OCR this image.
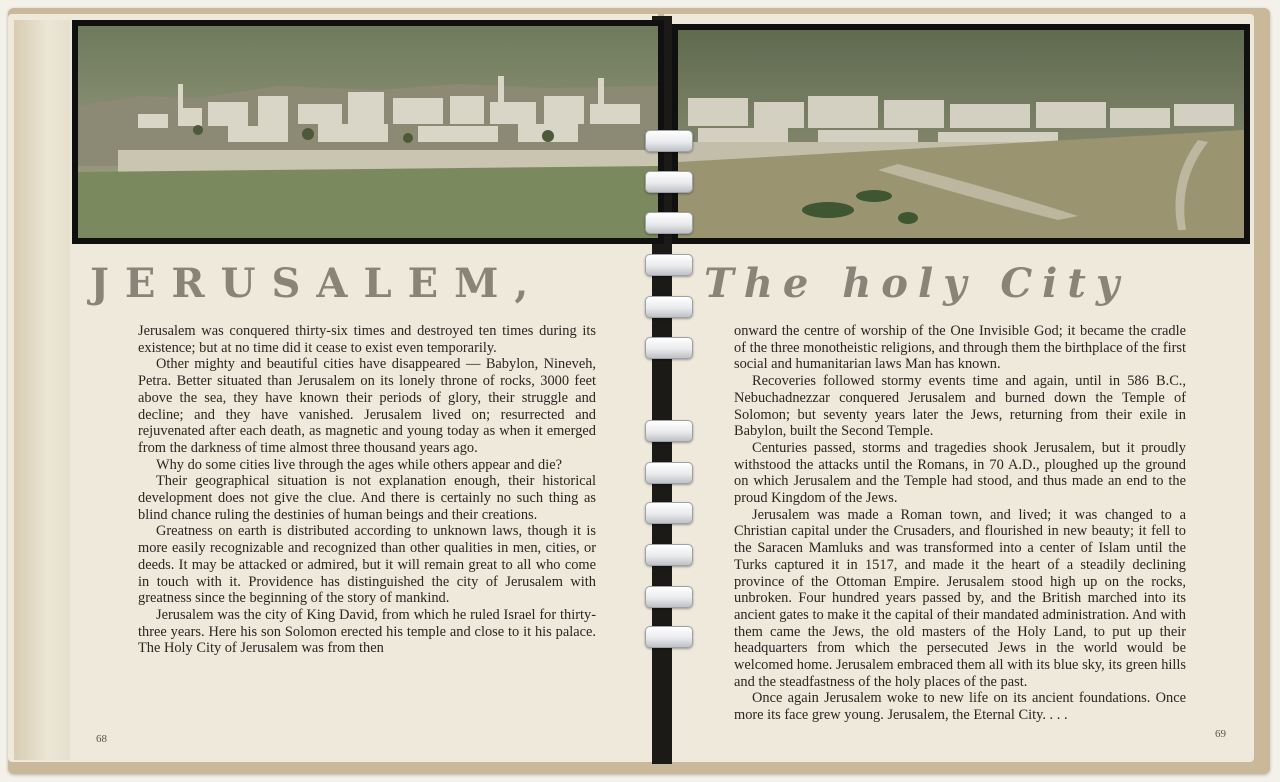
JERUSALEM,	The holy City

Jerusalem was conquered thirty-six times and destroyed ten times during its existence; but at no time did it cease to exist even temporarily.

Other mighty and beautiful cities have disappeared — Babylon, Nineveh, Petra. Better situated than Jerusalem on its lonely throne of rocks, 3000 feet above the sea, they have known their periods of glory, their struggle and decline; and they have vanished. Jerusalem lived on; resurrected and rejuvenated after each death, as magnetic and young today as when it emerged from the darkness of time almost three thousand years ago.

Why do some cities live through the ages while others appear and die?

Their geographical situation is not explanation enough, their historical development does not give the clue. And there is certainly no such thing as blind chance ruling the destinies of human beings and their creations.

Greatness on earth is distributed according to unknown laws, though it is more easily recognizable and recognized than other qualities in men, cities, or deeds. It may be attacked or admired, but it will remain great to all who come in touch with it. Providence has distinguished the city of Jerusalem with greatness since the beginning of the story of mankind.

Jerusalem was the city of King David, from which he ruled Israel for thirty-three years. Here his son Solomon erected his temple and close to it his palace. The Holy City of Jerusalem was from then

68

onward the centre of worship of the One Invisible God; it became the cradle of the three monotheistic religions, and through them the birthplace of the first social and humanitarian laws Man has known.

Recoveries followed stormy events time and again, until in 586 B.C., Nebuchadnezzar conquered Jerusalem and burned down the Temple of Solomon; but seventy years later the Jews, returning from their exile in Babylon, built the Second Temple.

Centuries passed, storms and tragedies shook Jerusalem, but it proudly withstood the attacks until the Romans, in 70 A.D., ploughed up the ground on which Jerusalem and the Temple had stood, and thus made an end to the proud Kingdom of the Jews.

Jerusalem was made a Roman town, and lived; it was changed to a Christian capital under the Crusaders, and flourished in new beauty; it fell to the Saracen Mamluks and was transformed into a center of Islam until the Turks captured it in 1517, and made it the heart of a steadily declining province of the Ottoman Empire. Jerusalem stood high up on the rocks, unbroken. Four hundred years passed by, and the British marched into its ancient gates to make it the capital of their mandated administration. And with them came the Jews, the old masters of the Holy Land, to put up their headquarters from which the persecuted Jews in the world would be welcomed home. Jerusalem embraced them all with its blue sky, its green hills and the steadfastness of the holy places of the past.

Once again Jerusalem woke to new life on its ancient foundations. Once more its face grew young. Jerusalem, the Eternal City. . . .

69
